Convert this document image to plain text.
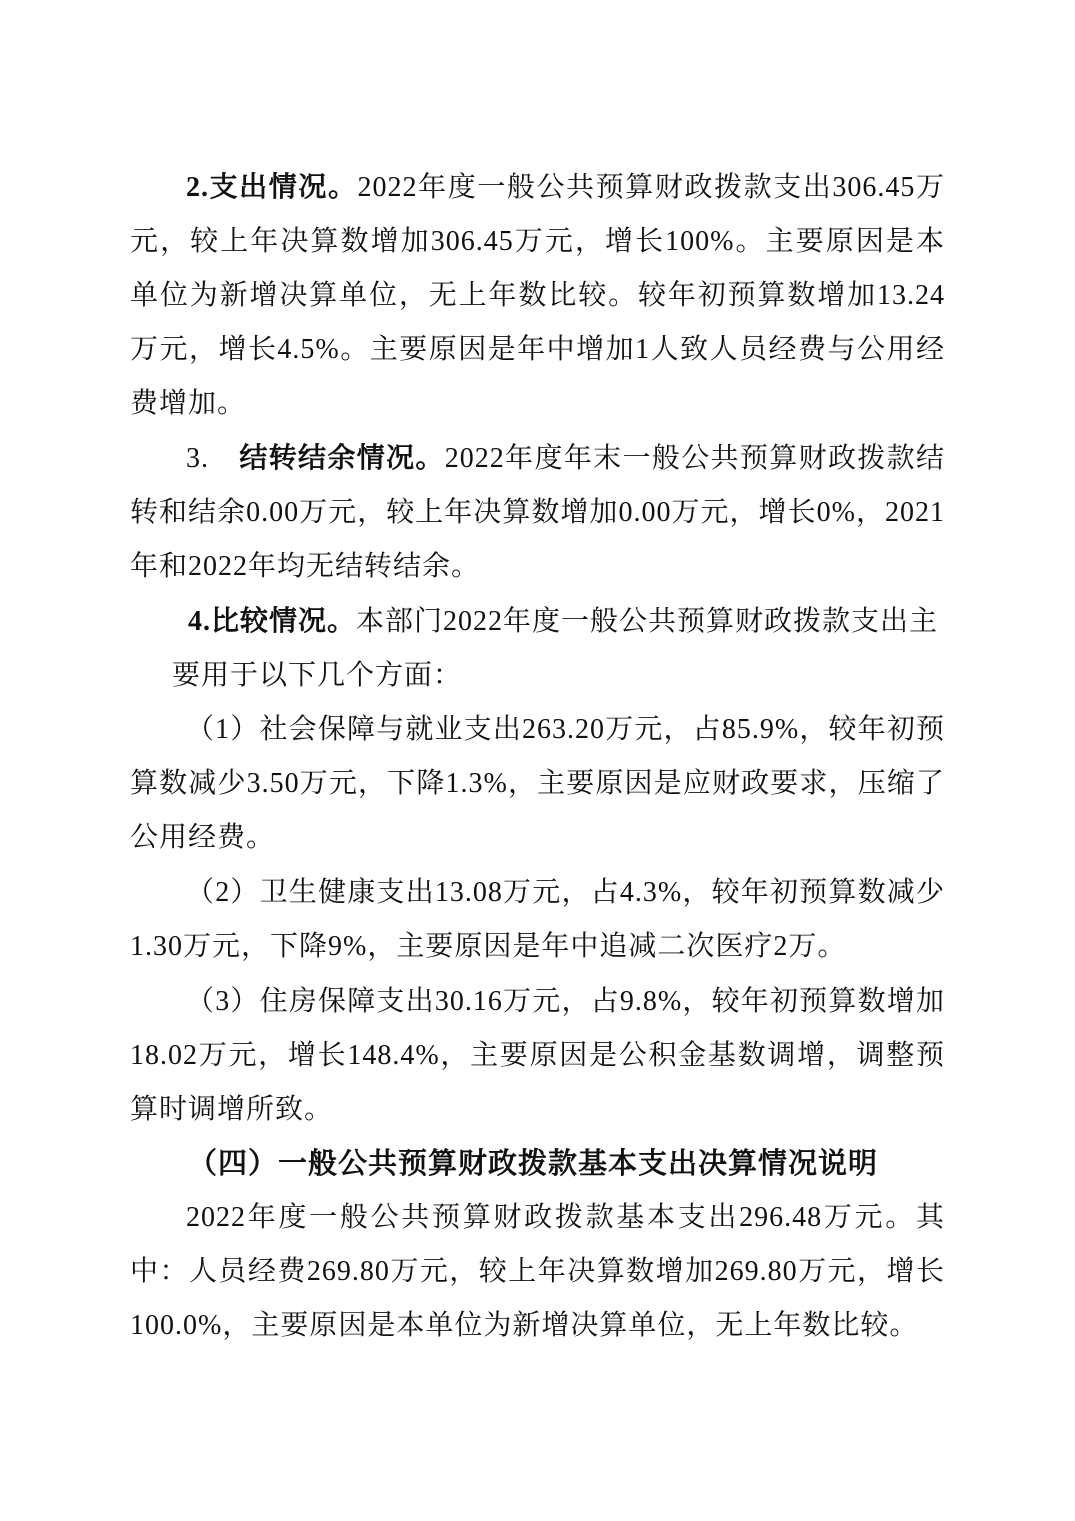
2.支出情况。2022年度一般公共预算财政拨款支出306.45万元，较上年决算数增加306.45万元，增长100%。主要原因是本单位为新增决算单位，无上年数比较。较年初预算数增加13.24万元，增长4.5%。主要原因是年中增加1人致人员经费与公用经费增加。

3. 结转结余情况。2022年度年末一般公共预算财政拨款结转和结余0.00万元，较上年决算数增加0.00万元，增长0%，2021年和2022年均无结转结余。

4.比较情况。本部门2022年度一般公共预算财政拨款支出主

要用于以下几个方面：

（1）社会保障与就业支出263.20万元，占85.9%，较年初预算数减少3.50万元，下降1.3%，主要原因是应财政要求，压缩了公用经费。

（2）卫生健康支出13.08万元，占4.3%，较年初预算数减少1.30万元，下降9%，主要原因是年中追减二次医疗2万。

（3）住房保障支出30.16万元，占9.8%，较年初预算数增加18.02万元，增长148.4%，主要原因是公积金基数调增，调整预算时调增所致。

（四）一般公共预算财政拨款基本支出决算情况说明

2022年度一般公共预算财政拨款基本支出296.48万元。其中：人员经费269.80万元，较上年决算数增加269.80万元，增长100.0%，主要原因是本单位为新增决算单位，无上年数比较。
